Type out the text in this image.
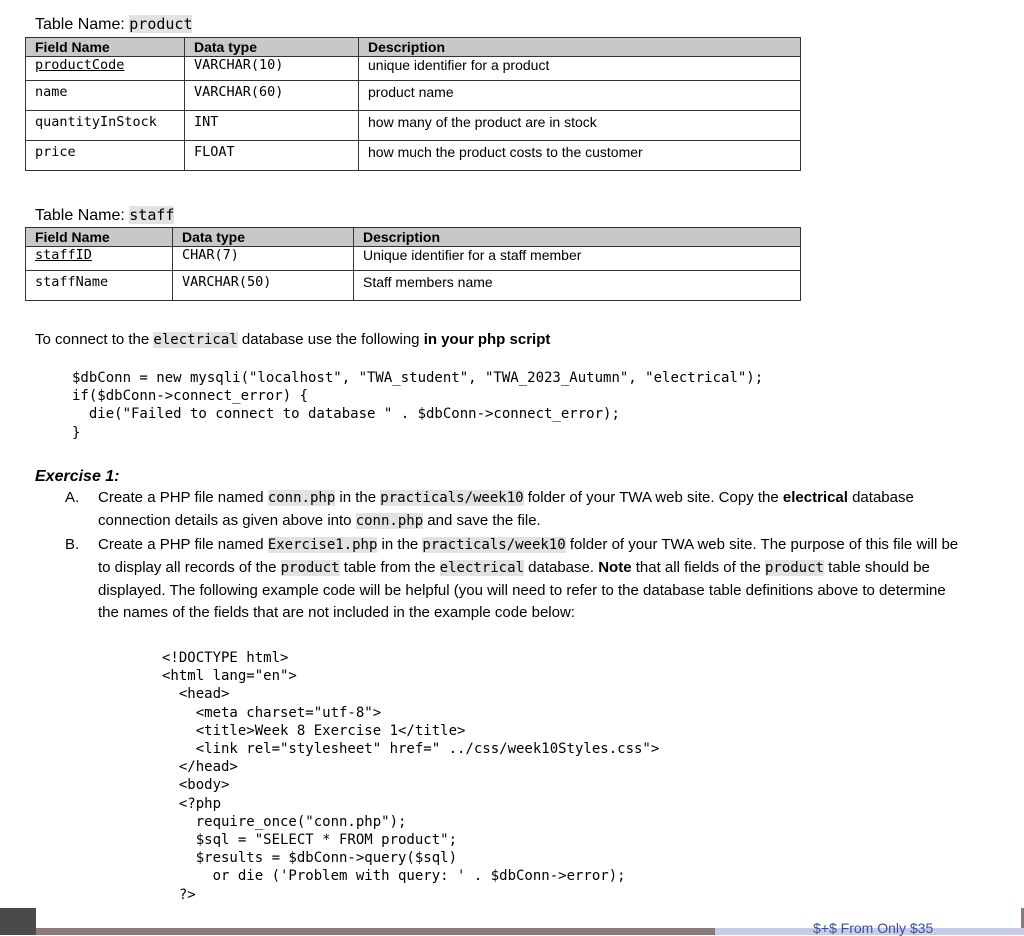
Table Name: product
Field Name	Data type	Description
productCode	VARCHAR(10)	unique identifier for a product
name	VARCHAR(60)	product name
quantityInStock	INT	how many of the product are in stock
price	FLOAT	how much the product costs to the customer
Table Name: staff
Field Name	Data type	Description
staffID	CHAR(7)	Unique identifier for a staff member
staffName	VARCHAR(50)	Staff members name
To connect to the electrical database use the following in your php script
$dbConn = new mysqli("localhost", "TWA_student", "TWA_2023_Autumn", "electrical");
if($dbConn->connect_error) {
die("Failed to connect to database " . $dbConn->connect_error);
}
Exercise 1:
A. Create a PHP file named conn.php in the practicals/week10 folder of your TWA web site. Copy the electrical database connection details as given above into conn.php and save the file.
B. Create a PHP file named Exercise1.php in the practicals/week10 folder of your TWA web site. The purpose of this file will be to display all records of the product table from the electrical database. Note that all fields of the product table should be displayed. The following example code will be helpful (you will need to refer to the database table definitions above to determine the names of the fields that are not included in the example code below:
<!DOCTYPE html>
<html lang="en">
<head>
<meta charset="utf-8">
<title>Week 8 Exercise 1</title>
<link rel="stylesheet" href=" ../css/week10Styles.css">
</head>
<body>
<?php
require_once("conn.php");
$sql = "SELECT * FROM product";
$results = $dbConn->query($sql)
or die ('Problem with query: ' . $dbConn->error);
?>
$+$ From Only $35
